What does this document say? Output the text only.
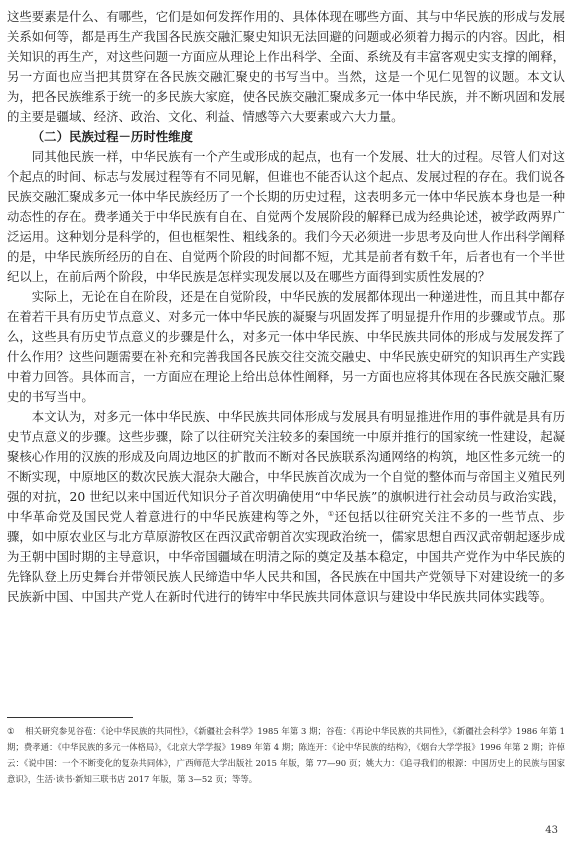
这些要素是什么、有哪些，它们是如何发挥作用的、具体体现在哪些方面、其与中华民族的形成与发展关系如何等，都是再生产我国各民族交融汇聚史知识无法回避的问题或必须着力揭示的内容。因此，相关知识的再生产，对这些问题一方面应从理论上作出科学、全面、系统及有丰富客观史实支撑的阐释，另一方面也应当把其贯穿在各民族交融汇聚史的书写当中。当然，这是一个见仁见智的议题。本文认为，把各民族维系于统一的多民族大家庭，使各民族交融汇聚成多元一体中华民族，并不断巩固和发展的主要是疆域、经济、政治、文化、利益、情感等六大要素或六大力量。

（二）民族过程－历时性维度

同其他民族一样，中华民族有一个产生或形成的起点，也有一个发展、壮大的过程。尽管人们对这个起点的时间、标志与发展过程等有不同见解，但谁也不能否认这个起点、发展过程的存在。我们说各民族交融汇聚成多元一体中华民族经历了一个长期的历史过程，这表明多元一体中华民族本身也是一种动态性的存在。费孝通关于中华民族有自在、自觉两个发展阶段的解释已成为经典论述，被学政两界广泛运用。这种划分是科学的，但也框架性、粗线条的。我们今天必须进一步思考及向世人作出科学阐释的是，中华民族所经历的自在、自觉两个阶段的时间都不短，尤其是前者有数千年，后者也有一个半世纪以上，在前后两个阶段，中华民族是怎样实现发展以及在哪些方面得到实质性发展的？

实际上，无论在自在阶段，还是在自觉阶段，中华民族的发展都体现出一种递进性，而且其中都存在着若干具有历史节点意义、对多元一体中华民族的凝聚与巩固发挥了明显提升作用的步骤或节点。那么，这些具有历史节点意义的步骤是什么，对多元一体中华民族、中华民族共同体的形成与发展发挥了什么作用？这些问题需要在补充和完善我国各民族交往交流交融史、中华民族史研究的知识再生产实践中着力回答。具体而言，一方面应在理论上给出总体性阐释，另一方面也应将其体现在各民族交融汇聚史的书写当中。

本文认为，对多元一体中华民族、中华民族共同体形成与发展具有明显推进作用的事件就是具有历史节点意义的步骤。这些步骤，除了以往研究关注较多的秦国统一中原并推行的国家统一性建设，起凝聚核心作用的汉族的形成及向周边地区的扩散而不断对各民族联系沟通网络的构筑，地区性多元统一的不断实现，中原地区的数次民族大混杂大融合，中华民族首次成为一个自觉的整体而与帝国主义殖民列强的对抗，20 世纪以来中国近代知识分子首次明确使用“中华民族”的旗帜进行社会动员与政治实践，中华革命党及国民党人着意进行的中华民族建构等之外，①还包括以往研究关注不多的一些节点、步骤，如中原农业区与北方草原游牧区在西汉武帝朝首次实现政治统一，儒家思想自西汉武帝朝起逐步成为王朝中国时期的主导意识，中华帝国疆域在明清之际的奠定及基本稳定，中国共产党作为中华民族的先锋队登上历史舞台并带领民族人民缔造中华人民共和国，各民族在中国共产党领导下对建设统一的多民族新中国、中国共产党人在新时代进行的铸牢中华民族共同体意识与建设中华民族共同体实践等。

① 相关研究参见谷苞：《论中华民族的共同性》，《新疆社会科学》1985 年第 3 期；谷苞：《再论中华民族的共同性》，《新疆社会科学》1986 年第 1 期；费孝通：《中华民族的多元一体格局》，《北京大学学报》1989 年第 4 期；陈连开：《论中华民族的结构》，《烟台大学学报》1996 年第 2 期；许倬云：《说中国：一个不断变化的复杂共同体》，广西师范大学出版社 2015 年版，第 77—90 页；姚大力：《追寻我们的根源：中国历史上的民族与国家意识》，生活·读书·新知三联书店 2017 年版，第 3—52 页；等等。
43
